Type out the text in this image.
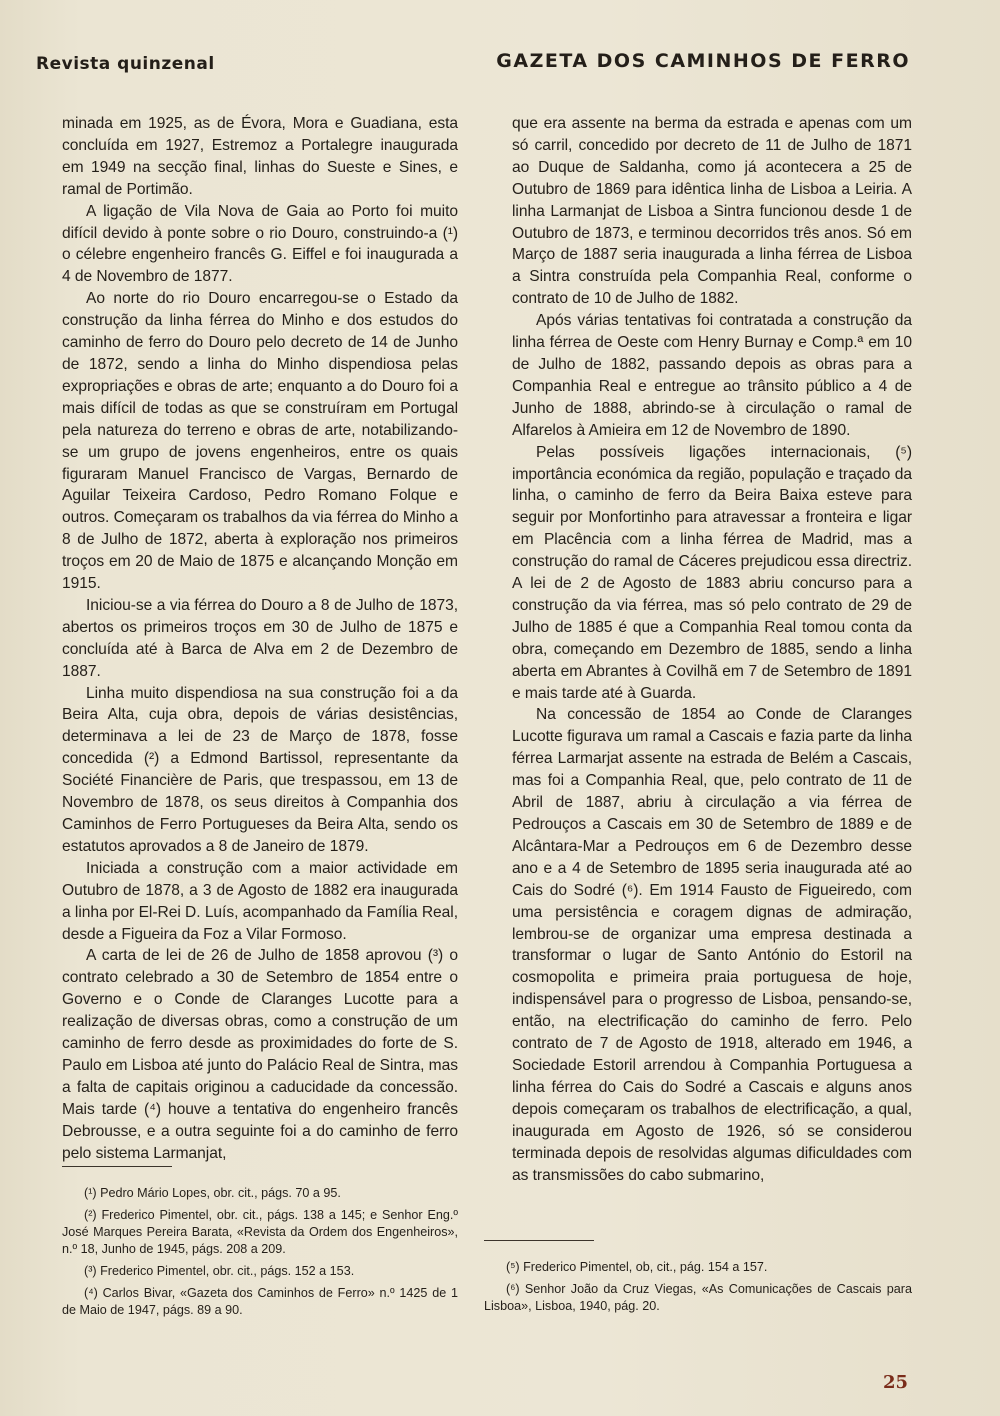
Revista quinzenal	GAZETA DOS CAMINHOS DE FERRO

minada em 1925, as de Évora, Mora e Guadiana, esta concluída em 1927, Estremoz a Portalegre inaugurada em 1949 na secção final, linhas do Sueste e Sines, e ramal de Portimão.

A ligação de Vila Nova de Gaia ao Porto foi muito difícil devido à ponte sobre o rio Douro, construindo-a (¹) o célebre engenheiro francês G. Eiffel e foi inaugurada a 4 de Novembro de 1877.

Ao norte do rio Douro encarregou-se o Estado da construção da linha férrea do Minho e dos estudos do caminho de ferro do Douro pelo decreto de 14 de Junho de 1872, sendo a linha do Minho dispendiosa pelas expropriações e obras de arte; enquanto a do Douro foi a mais difícil de todas as que se construíram em Portugal pela natureza do terreno e obras de arte, notabilizando-se um grupo de jovens engenheiros, entre os quais figuraram Manuel Francisco de Vargas, Bernardo de Aguilar Teixeira Cardoso, Pedro Romano Folque e outros. Começaram os trabalhos da via férrea do Minho a 8 de Julho de 1872, aberta à exploração nos primeiros troços em 20 de Maio de 1875 e alcançando Monção em 1915.

Iniciou-se a via férrea do Douro a 8 de Julho de 1873, abertos os primeiros troços em 30 de Julho de 1875 e concluída até à Barca de Alva em 2 de Dezembro de 1887.

Linha muito dispendiosa na sua construção foi a da Beira Alta, cuja obra, depois de várias desistências, determinava a lei de 23 de Março de 1878, fosse concedida (²) a Edmond Bartissol, representante da Société Financière de Paris, que trespassou, em 13 de Novembro de 1878, os seus direitos à Companhia dos Caminhos de Ferro Portugueses da Beira Alta, sendo os estatutos aprovados a 8 de Janeiro de 1879.

Iniciada a construção com a maior actividade em Outubro de 1878, a 3 de Agosto de 1882 era inaugurada a linha por El-Rei D. Luís, acompanhado da Família Real, desde a Figueira da Foz a Vilar Formoso.

A carta de lei de 26 de Julho de 1858 aprovou (³) o contrato celebrado a 30 de Setembro de 1854 entre o Governo e o Conde de Claranges Lucotte para a realização de diversas obras, como a construção de um caminho de ferro desde as proximidades do forte de S. Paulo em Lisboa até junto do Palácio Real de Sintra, mas a falta de capitais originou a caducidade da concessão. Mais tarde (⁴) houve a tentativa do engenheiro francês Debrousse, e a outra seguinte foi a do caminho de ferro pelo sistema Larmanjat,

que era assente na berma da estrada e apenas com um só carril, concedido por decreto de 11 de Julho de 1871 ao Duque de Saldanha, como já acontecera a 25 de Outubro de 1869 para idêntica linha de Lisboa a Leiria. A linha Larmanjat de Lisboa a Sintra funcionou desde 1 de Outubro de 1873, e terminou decorridos três anos. Só em Março de 1887 seria inaugurada a linha férrea de Lisboa a Sintra construída pela Companhia Real, conforme o contrato de 10 de Julho de 1882.

Após várias tentativas foi contratada a construção da linha férrea de Oeste com Henry Burnay e Comp.ª em 10 de Julho de 1882, passando depois as obras para a Companhia Real e entregue ao trânsito público a 4 de Junho de 1888, abrindo-se à circulação o ramal de Alfarelos à Amieira em 12 de Novembro de 1890.

Pelas possíveis ligações internacionais, (⁵) importância económica da região, população e traçado da linha, o caminho de ferro da Beira Baixa esteve para seguir por Monfortinho para atravessar a fronteira e ligar em Placência com a linha férrea de Madrid, mas a construção do ramal de Cáceres prejudicou essa directriz. A lei de 2 de Agosto de 1883 abriu concurso para a construção da via férrea, mas só pelo contrato de 29 de Julho de 1885 é que a Companhia Real tomou conta da obra, começando em Dezembro de 1885, sendo a linha aberta em Abrantes à Covilhã em 7 de Setembro de 1891 e mais tarde até à Guarda.

Na concessão de 1854 ao Conde de Claranges Lucotte figurava um ramal a Cascais e fazia parte da linha férrea Larmarjat assente na estrada de Belém a Cascais, mas foi a Companhia Real, que, pelo contrato de 11 de Abril de 1887, abriu à circulação a via férrea de Pedrouços a Cascais em 30 de Setembro de 1889 e de Alcântara-Mar a Pedrouços em 6 de Dezembro desse ano e a 4 de Setembro de 1895 seria inaugurada até ao Cais do Sodré (⁶). Em 1914 Fausto de Figueiredo, com uma persistência e coragem dignas de admiração, lembrou-se de organizar uma empresa destinada a transformar o lugar de Santo António do Estoril na cosmopolita e primeira praia portuguesa de hoje, indispensável para o progresso de Lisboa, pensando-se, então, na electrificação do caminho de ferro. Pelo contrato de 7 de Agosto de 1918, alterado em 1946, a Sociedade Estoril arrendou à Companhia Portuguesa a linha férrea do Cais do Sodré a Cascais e alguns anos depois começaram os trabalhos de electrificação, a qual, inaugurada em Agosto de 1926, só se considerou terminada depois de resolvidas algumas dificuldades com as transmissões do cabo submarino,

(¹) Pedro Mário Lopes, obr. cit., págs. 70 a 95.

(²) Frederico Pimentel, obr. cit., págs. 138 a 145; e Senhor Eng.º José Marques Pereira Barata, «Revista da Ordem dos Engenheiros», n.º 18, Junho de 1945, págs. 208 a 209.

(³) Frederico Pimentel, obr. cit., págs. 152 a 153.

(⁴) Carlos Bivar, «Gazeta dos Caminhos de Ferro» n.º 1425 de 1 de Maio de 1947, págs. 89 a 90.

(⁵) Frederico Pimentel, ob, cit., pág. 154 a 157.

(⁶) Senhor João da Cruz Viegas, «As Comunicações de Cascais para Lisboa», Lisboa, 1940, pág. 20.

25
